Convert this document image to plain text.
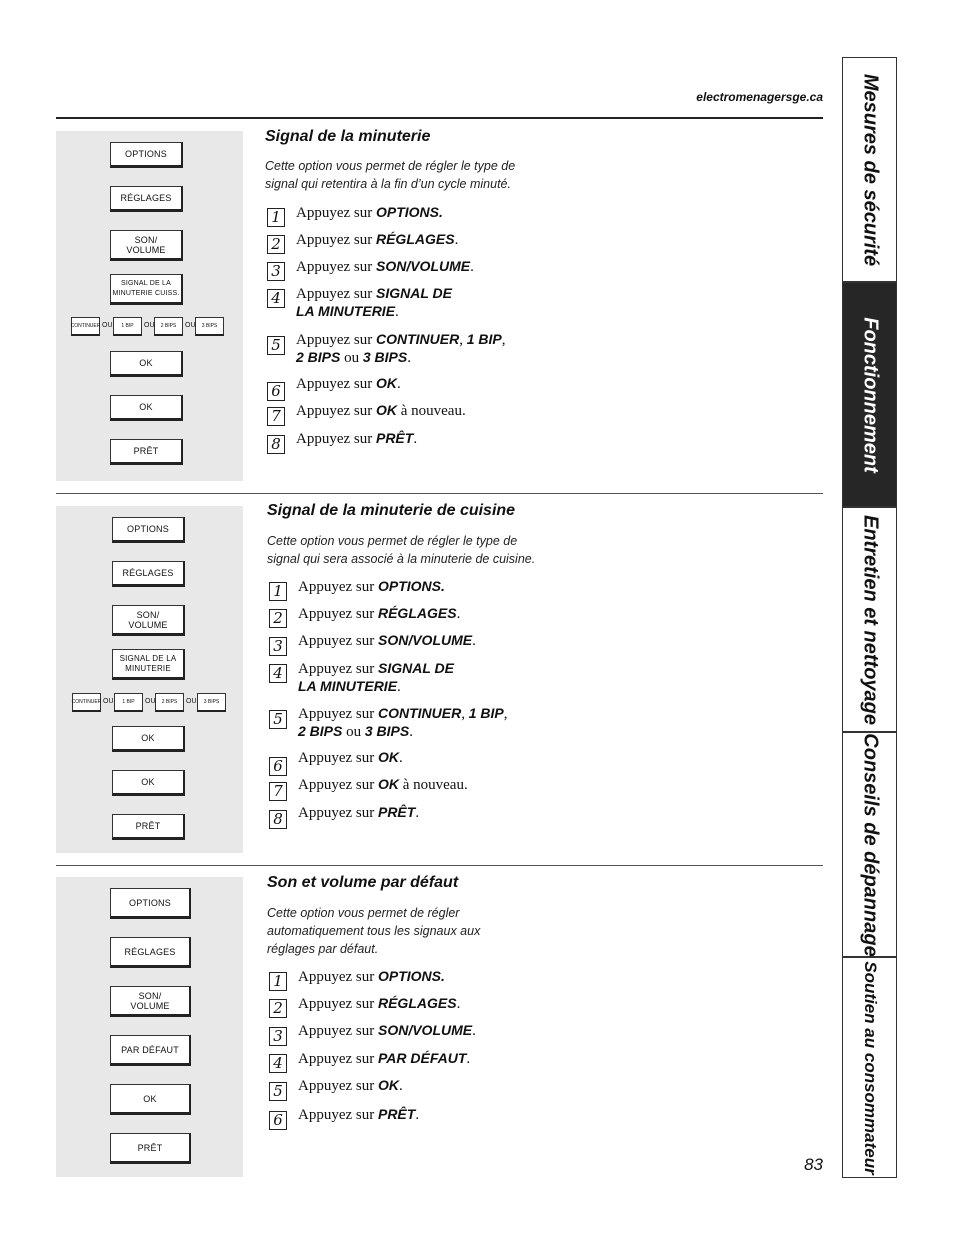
electromenagersge.ca
OPTIONS
RÉGLAGES
SON/
VOLUME
SIGNAL DE LA
MINUTERIE CUISS.
CONTINUER OU	1 BIP	OU	2 BIPS	OU	3 BIPS
OK
OK
PRÊT
Signal de la minuterie
Cette option vous permet de régler le type de signal qui retentira à la fin d’un cycle minuté.
1 Appuyez sur OPTIONS.
2 Appuyez sur RÉGLAGES.
3 Appuyez sur SON/VOLUME.
4 Appuyez sur SIGNAL DE
LA MINUTERIE.
5 Appuyez sur CONTINUER, 1 BIP,
2 BIPS ou 3 BIPS.
6 Appuyez sur OK.
7 Appuyez sur OK à nouveau.
8 Appuyez sur PRÊT.
OPTIONS
RÉGLAGES
SON/
VOLUME
SIGNAL DE LA
MINUTERIE
CONTINUER OU	1 BIP	OU	2 BIPS	OU	3 BIPS
OK
OK
PRÊT
Signal de la minuterie de cuisine
Cette option vous permet de régler le type de signal qui sera associé à la minuterie de cuisine.
1 Appuyez sur OPTIONS.
2 Appuyez sur RÉGLAGES.
3 Appuyez sur SON/VOLUME.
4 Appuyez sur SIGNAL DE
LA MINUTERIE.
5 Appuyez sur CONTINUER, 1 BIP,
2 BIPS ou 3 BIPS.
6 Appuyez sur OK.
7 Appuyez sur OK à nouveau.
8 Appuyez sur PRÊT.
OPTIONS
RÉGLAGES
SON/
VOLUME
PAR DÉFAUT
OK
PRÊT
Son et volume par défaut
Cette option vous permet de régler automatiquement tous les signaux aux réglages par défaut.
1 Appuyez sur OPTIONS.
2 Appuyez sur RÉGLAGES.
3 Appuyez sur SON/VOLUME.
4 Appuyez sur PAR DÉFAUT.
5 Appuyez sur OK.
6 Appuyez sur PRÊT.
83
Mesures de sécurité
Fonctionnement
Entretien et nettoyage
Conseils de dépannage
Soutien au consommateur
